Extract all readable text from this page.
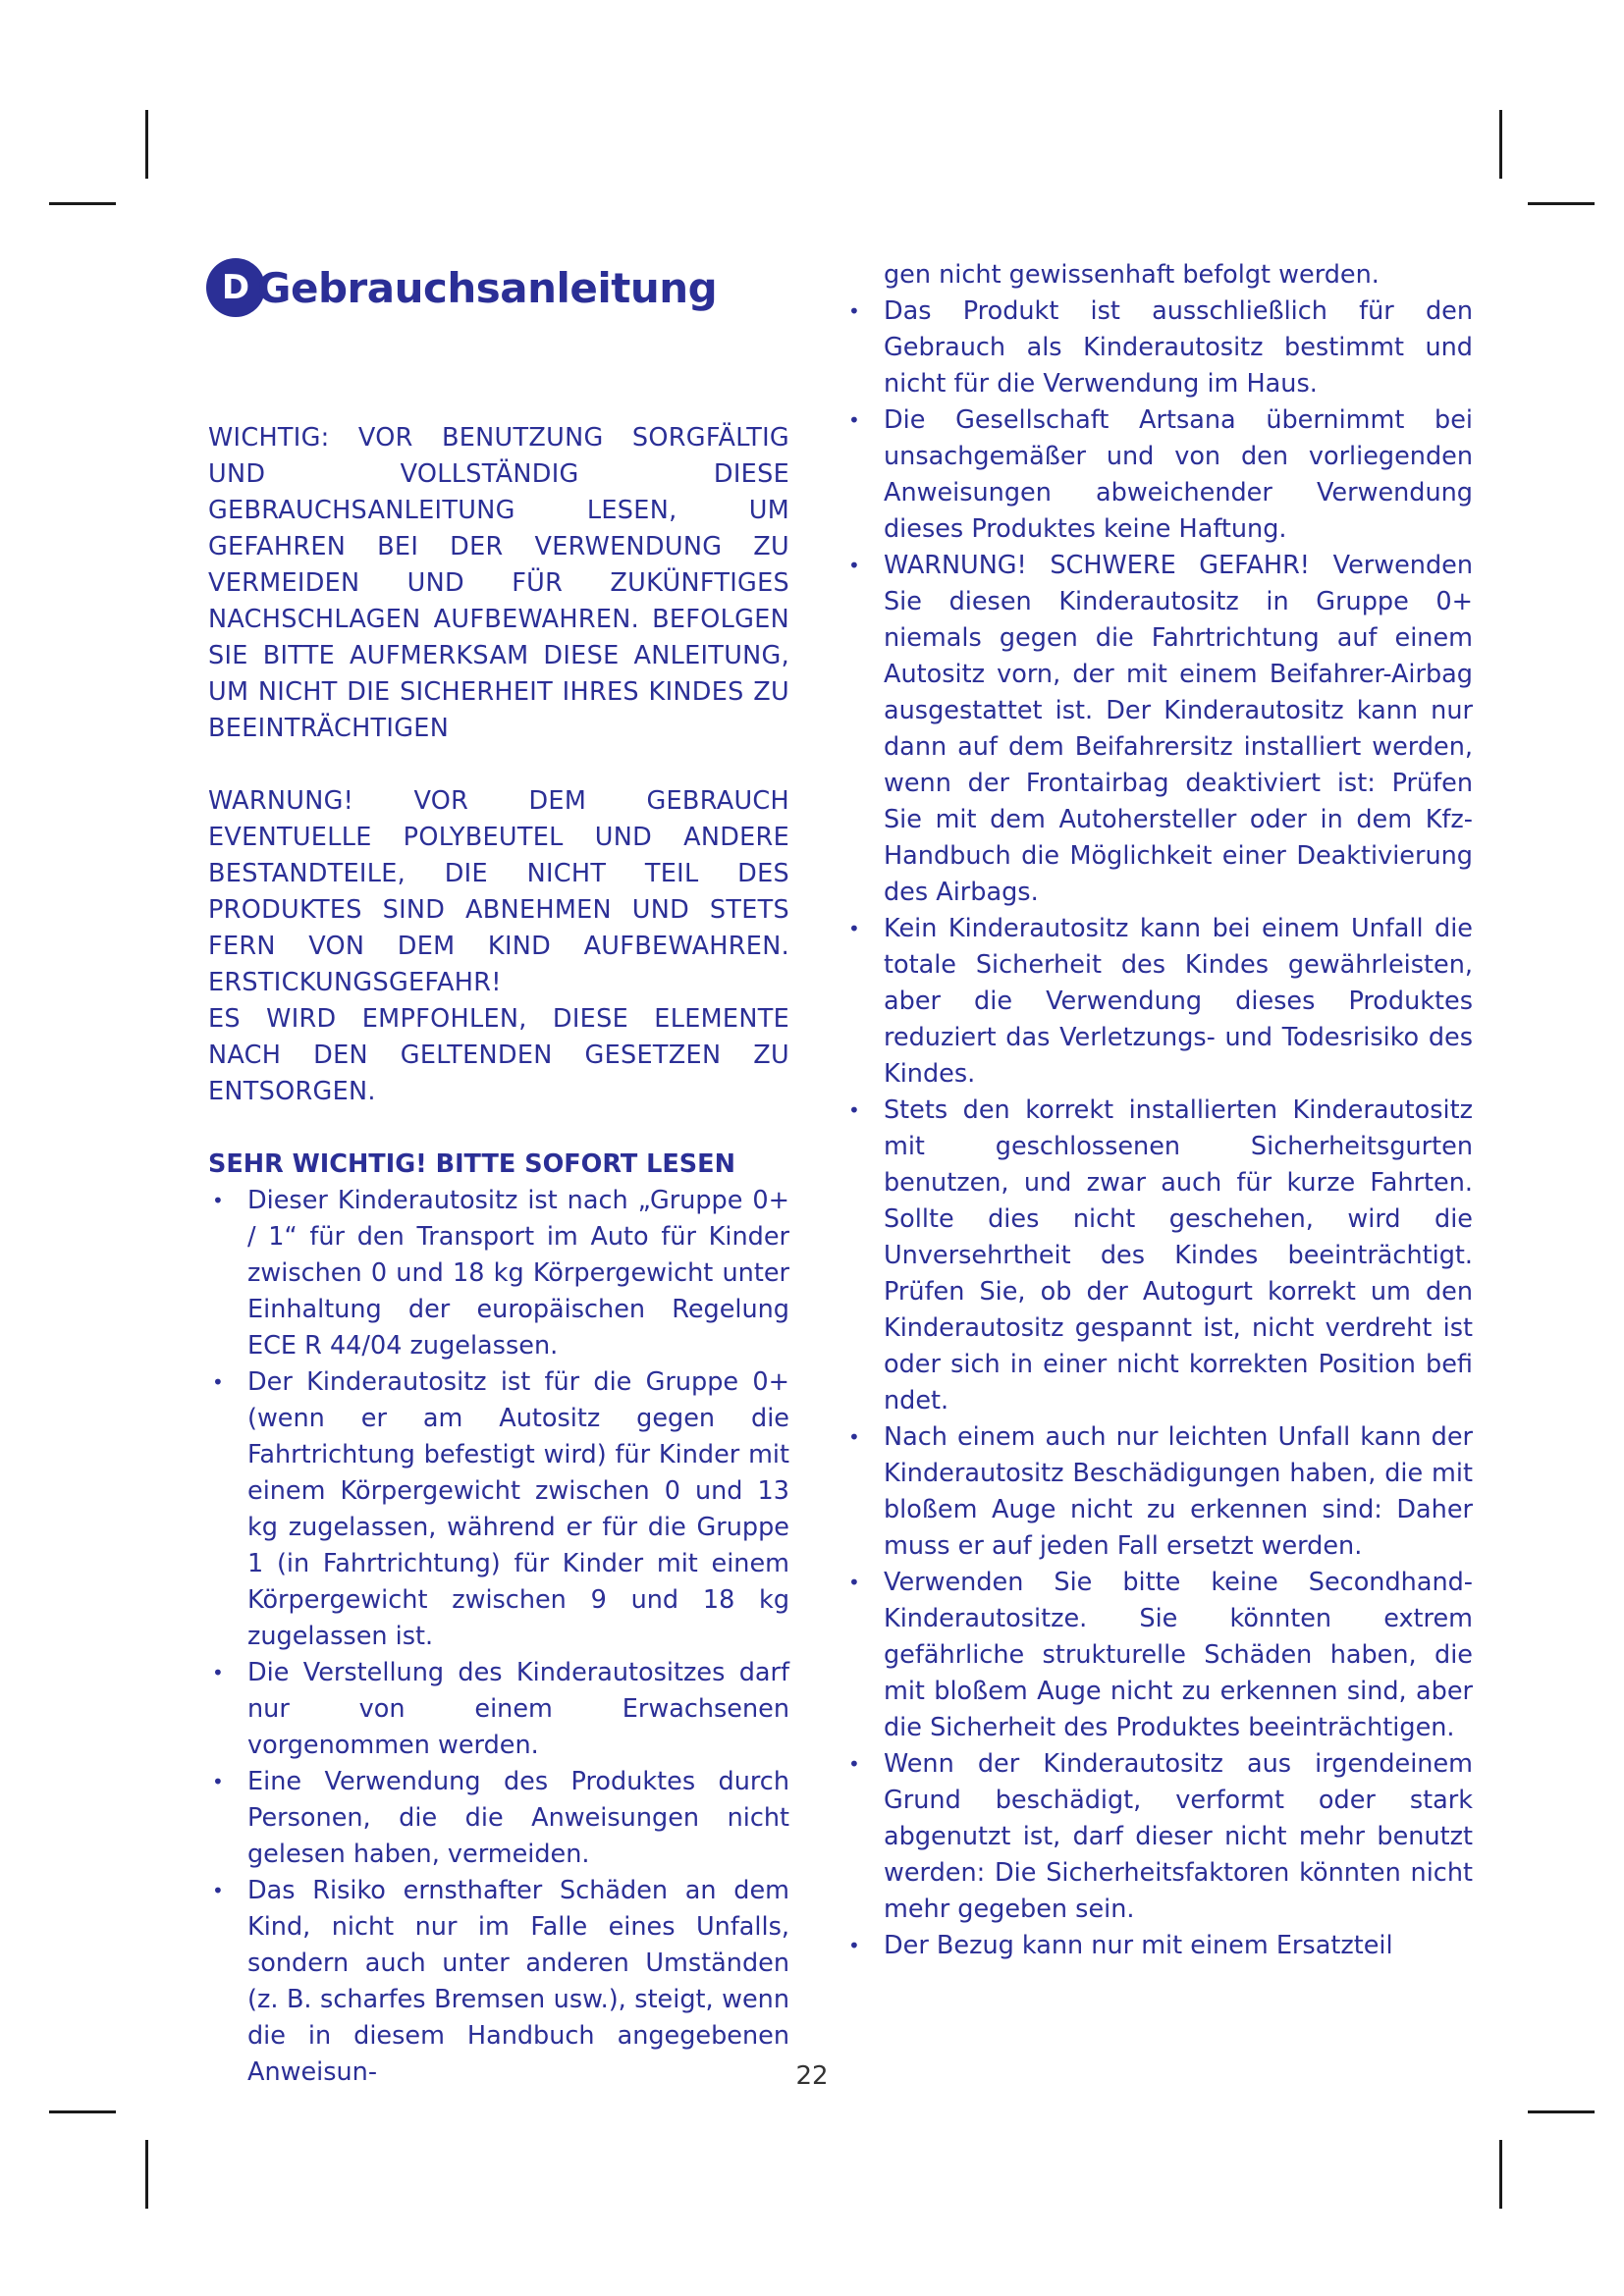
D Gebrauchsanleitung

WICHTIG: VOR BENUTZUNG SORGFÄLTIG UND VOLLSTÄNDIG DIESE GEBRAUCHSANLEITUNG LESEN, UM GEFAHREN BEI DER VERWENDUNG ZU VERMEIDEN UND FÜR ZUKÜNFTIGES NACHSCHLAGEN AUFBEWAHREN. BEFOLGEN SIE BITTE AUFMERKSAM DIESE ANLEITUNG, UM NICHT DIE SICHERHEIT IHRES KINDES ZU BEEINTRÄCHTIGEN

WARNUNG! VOR DEM GEBRAUCH EVENTUELLE POLYBEUTEL UND ANDERE BESTANDTEILE, DIE NICHT TEIL DES PRODUKTES SIND ABNEHMEN UND STETS FERN VON DEM KIND AUFBEWAHREN. ERSTICKUNGSGEFAHR!

ES WIRD EMPFOHLEN, DIESE ELEMENTE NACH DEN GELTENDEN GESETZEN ZU ENTSORGEN.

SEHR WICHTIG! BITTE SOFORT LESEN

• Dieser Kinderautositz ist nach „Gruppe 0+ / 1“ für den Transport im Auto für Kinder zwischen 0 und 18 kg Körpergewicht unter Einhaltung der europäischen Regelung ECE R 44/04 zugelassen.
• Der Kinderautositz ist für die Gruppe 0+ (wenn er am Autositz gegen die Fahrtrichtung befestigt wird) für Kinder mit einem Körpergewicht zwischen 0 und 13 kg zugelassen, während er für die Gruppe 1 (in Fahrtrichtung) für Kinder mit einem Körpergewicht zwischen 9 und 18 kg zugelassen ist.
• Die Verstellung des Kinderautositzes darf nur von einem Erwachsenen vorgenommen werden.
• Eine Verwendung des Produktes durch Personen, die die Anweisungen nicht gelesen haben, vermeiden.
• Das Risiko ernsthafter Schäden an dem Kind, nicht nur im Falle eines Unfalls, sondern auch unter anderen Umständen (z. B. scharfes Bremsen usw.), steigt, wenn die in diesem Handbuch angegebenen Anweisun-

gen nicht gewissenhaft befolgt werden.

• Das Produkt ist ausschließlich für den Gebrauch als Kinderautositz bestimmt und nicht für die Verwendung im Haus.
• Die Gesellschaft Artsana übernimmt bei unsachgemäßer und von den vorliegenden Anweisungen abweichender Verwendung dieses Produktes keine Haftung.
• WARNUNG! SCHWERE GEFAHR! Verwenden Sie diesen Kinderautositz in Gruppe 0+ niemals gegen die Fahrtrichtung auf einem Autositz vorn, der mit einem Beifahrer-Airbag ausgestattet ist. Der Kinderautositz kann nur dann auf dem Beifahrersitz installiert werden, wenn der Frontairbag deaktiviert ist: Prüfen Sie mit dem Autohersteller oder in dem Kfz-Handbuch die Möglichkeit einer Deaktivierung des Airbags.
• Kein Kinderautositz kann bei einem Unfall die totale Sicherheit des Kindes gewährleisten, aber die Verwendung dieses Produktes reduziert das Verletzungs- und Todesrisiko des Kindes.
• Stets den korrekt installierten Kinderautositz mit geschlossenen Sicherheitsgurten benutzen, und zwar auch für kurze Fahrten. Sollte dies nicht geschehen, wird die Unversehrtheit des Kindes beeinträchtigt. Prüfen Sie, ob der Autogurt korrekt um den Kinderautositz gespannt ist, nicht verdreht ist oder sich in einer nicht korrekten Position befi ndet.
• Nach einem auch nur leichten Unfall kann der Kinderautositz Beschädigungen haben, die mit bloßem Auge nicht zu erkennen sind: Daher muss er auf jeden Fall ersetzt werden.
• Verwenden Sie bitte keine Secondhand-Kinderautositze. Sie könnten extrem gefährliche strukturelle Schäden haben, die mit bloßem Auge nicht zu erkennen sind, aber die Sicherheit des Produktes beeinträchtigen.
• Wenn der Kinderautositz aus irgendeinem Grund beschädigt, verformt oder stark abgenutzt ist, darf dieser nicht mehr benutzt werden: Die Sicherheitsfaktoren könnten nicht mehr gegeben sein.
• Der Bezug kann nur mit einem Ersatzteil
22
